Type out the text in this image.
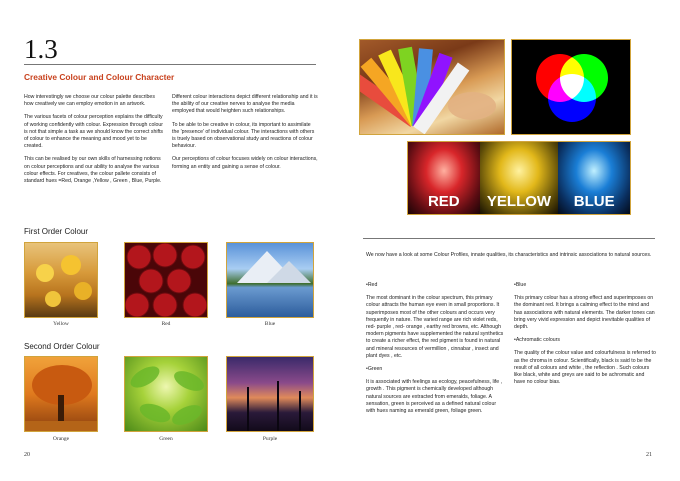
1.3
Creative Colour and Colour Character

How interestingly we choose our colour palette describes how creatively we can employ emotion in an artwork.

The various facets of colour perception explains the difficulty of working confidently with colour. Expression through colour is not that simple a task as we should know the correct shifts of colour to enhance the meaning and mood yet to be created.

This can be realised by our own skills of harnessing notions on colour perceptions and our ability to analyse the various colour effects. For creatives, the colour pallete consists of standard hues =Red, Orange ,Yellow , Green , Blue, Purple.

Different colour interactions depict different relationship and it is the ability of our creative nerves to analyse the media employed that would heighten such relationships.

To be able to be creative in colour, its important to assimilate the 'presence' of individual colour. The interactions with others is truely based on observational study and reactions of colour behaviour.

Our perceptions of colour focuses widely on colour interactions, forming an entity and gaining a sense of colour.

RED	YELLOW	BLUE
First Order Colour
Yellow	Red	Blue
Second Order Colour
Orange	Green	Purple
20
We now have a look at some Colour Profiles, innate qualities, its characteristics and intrinsic associations to natural sources.

•Red

The most dominant in the colour spectrum, this primary colour attracts the human eye even in small proportions. It superimposes most of the other colours and occurs very frequently in nature. The varied range are rich violet reds, red- purple , red- orange , earthy red browns, etc. Although modern pigments have supplemented the natural synthetics to create a richer effect, the red pigment is found in natural and mineral resources of vermillion , cinnabar , insect and plant dyes , etc.

•Green

It is associated with feelings as ecology, peacefulness, life , growth . This pigment is chemically developed although natural sources are extracted from emeralds, foliage. A sensation, green is perceived as a defined natural colour with hues naming as emerald green, foliage green.

•Blue

This primary colour has a strong effect and superimposes on the dominant red. It brings a calming effect to the mind and has associations with natural elements. The darker tones can bring very vivid expression and depict inevitable qualities of depth.

•Achromatic colours

The quality of the colour value and colourfulness is referred to as the chroma in colour. Scientifically, black is said to be the result of all colours and white , the reflection . Such colours like black, white and greys are said to be achromatic and have no colour bias.

21
